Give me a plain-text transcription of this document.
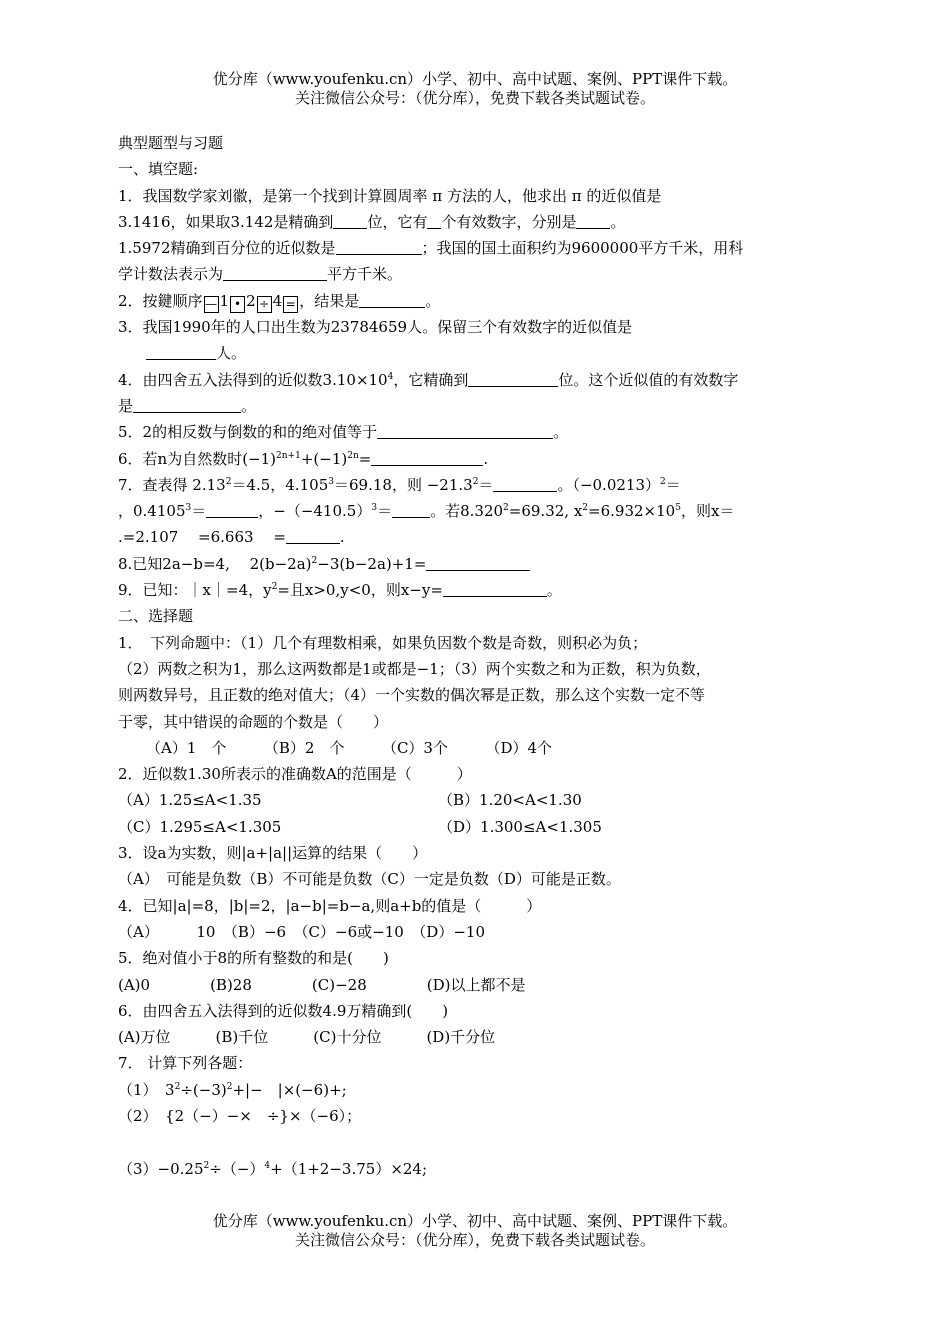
优分库（www.youfenku.cn）小学、初中、高中试题、案例、PPT课件下载。
关注微信公众号：（优分库），免费下载各类试题试卷。
典型题型与习题
一、填空题:
1．我国数学家刘徽，是第一个找到计算圆周率 π 方法的人，他求出 π 的近似值是
3.1416，如果取3.142是精确到 位，它有 个有效数字，分别是 。
1.5972精确到百分位的近似数是	；我国的国土面积约为9600000平方千米，用科
学计数法表示为	平方千米。
2．按鍵顺序 — 1 • 2 ÷ 4 = ，结果是	。
3．我国1990年的人口出生数为23784659人。保留三个有效数字的近似值是
人。
4．由四舍五入法得到的近似数$3.10\times 10^4$，它精确到	位。这个近似值的有效数字
是	。
5．2的相反数与倒数的和的绝对值等于	。
6．若n为自然数时$(-1)^{2n+1}+(-1)^{2n}=$	.
7．查表得 $2.13^2=4.5$，$4.105^3=69.18$，则 $-21.3^2=$	。$(-0.0213)^2=$
，$0.4105^3=$	，$-(-410.5)^3=$	。若$8.320^2=69.32$, $x^2=6.932\times 10^5$，则x＝
.=2.107 　=6.663 　=	.
8.已知2a−b=4, 　$2(b-2a)^2-3(b-2a)+1=$
9．已知：｜x｜=4，$y^2=$且x>0,y<0，则x−y=	。
二、选择题
1．　下列命题中：（1）几个有理数相乘，如果负因数个数是奇数，则积必为负；
（2）两数之积为1，那么这两数都是1或都是−1；（3）两个实数之和为正数，积为负数，
则两数异号，且正数的绝对值大；（4）一个实数的偶次幂是正数，那么这个实数一定不等
于零，其中错误的命题的个数是（　　）
（A）1　个　　　（B）2　个　　　（C）3个　　　（D）4个
2．近似数1.30所表示的准确数A的范围是（　　　）
（A）1.25≤A<1.35	（B）1.20<A<1.30
（C）1.295≤A<1.305	（D）1.300≤A<1.305
3．设a为实数，则|a+|a||运算的结果（　　）
（A）　可能是负数（B）不可能是负数（C）一定是负数（D）可能是正数。
4．已知|a|=8，|b|=2，|a−b|=b−a,则a+b的值是（　　　）
（A）　　　10　（B）−6　（C）−6或−10　（D）−10
5．绝对值小于8的所有整数的和是(　　)
(A)0　　　　(B)28　　　　(C)−28　　　　(D)以上都不是
6．由四舍五入法得到的近似数4.9万精确到(　　)
(A)万位　　　(B)千位　　　(C)十分位　　　(D)千分位
7． 计算下列各题：
（1）　$3^2\div(-3)^2+|-$　|×(−6)+;
（2）　{2（−）−×　÷}×（−6）；
$(3)-0.25^2\div(-)^4+(1+2-3.75)\times 24$;
优分库（www.youfenku.cn）小学、初中、高中试题、案例、PPT课件下载。
关注微信公众号：（优分库），免费下载各类试题试卷。
